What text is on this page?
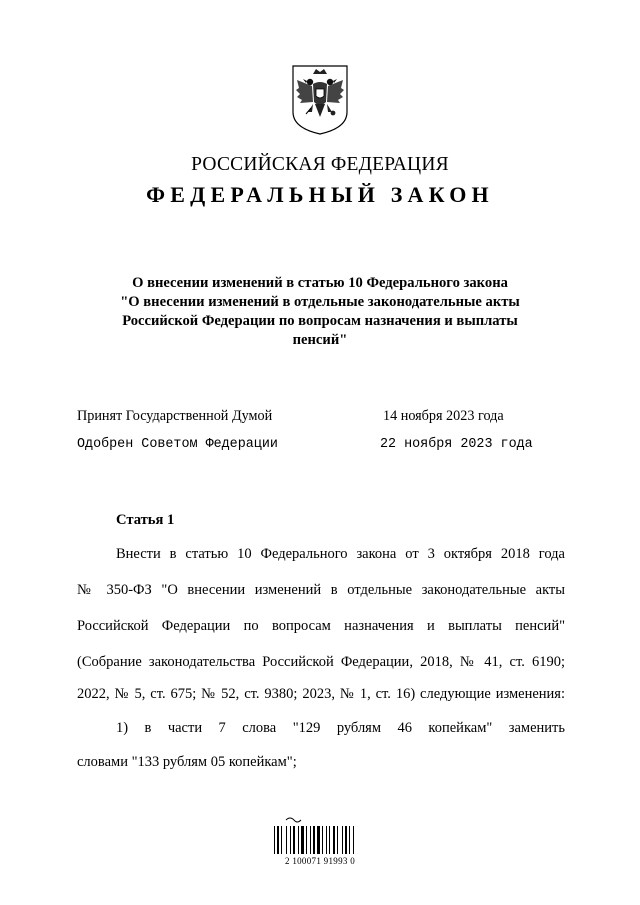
РОССИЙСКАЯ ФЕДЕРАЦИЯ
ФЕДЕРАЛЬНЫЙ ЗАКОН
О внесении изменений в статью 10 Федерального закона
"О внесении изменений в отдельные законодательные акты
Российской Федерации по вопросам назначения и выплаты
пенсий"
Принят Государственной Думой	14 ноября 2023 года
Одобрен Советом Федерации	22 ноября 2023 года
Статья 1
Внести в статью 10 Федерального закона от 3 октября 2018 года
№ 350-ФЗ "О внесении изменений в отдельные законодательные акты
Российской Федерации по вопросам назначения и выплаты пенсий"
(Собрание законодательства Российской Федерации, 2018, № 41, ст. 6190;
2022, № 5, ст. 675; № 52, ст. 9380; 2023, № 1, ст. 16) следующие изменения:
1) в части 7 слова "129 рублям 46 копейкам" заменить
словами "133 рублям 05 копейкам";
2 100071 91993 0
